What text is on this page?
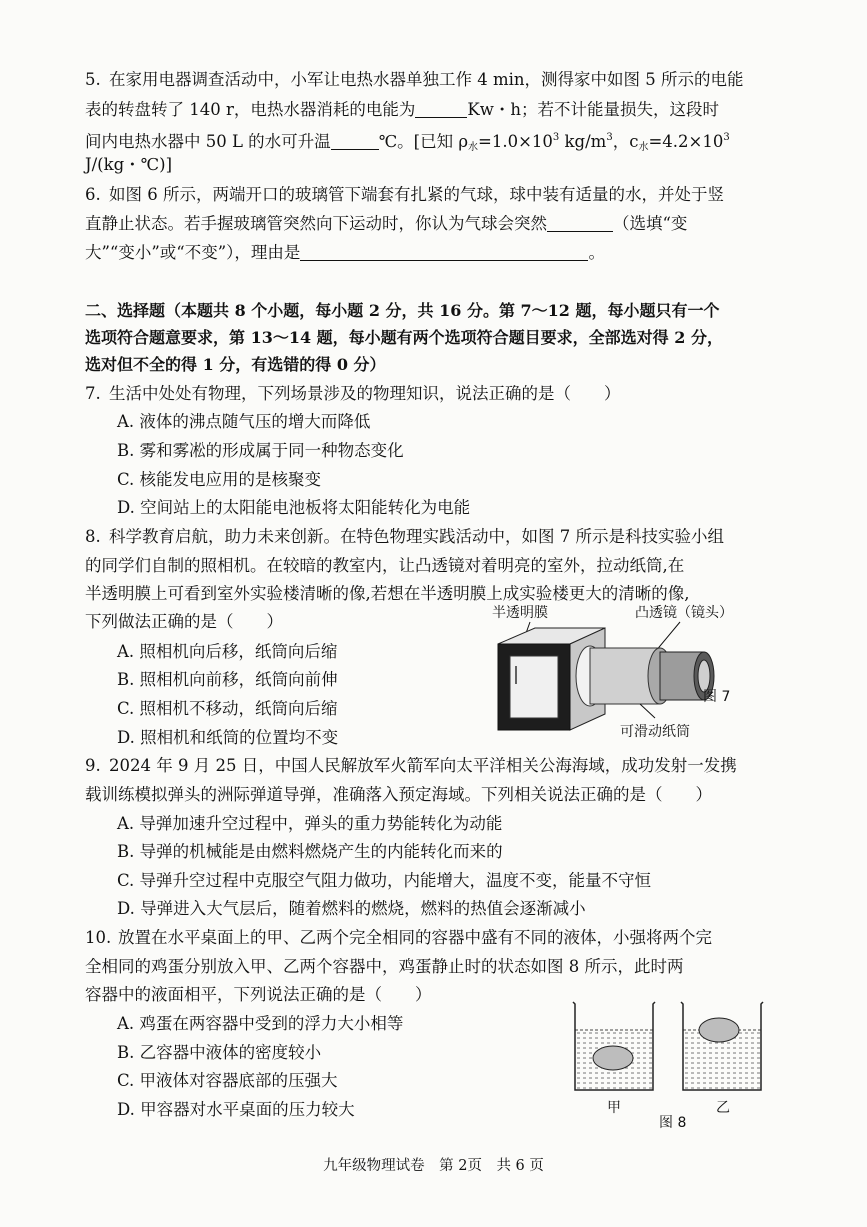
5. 在家用电器调查活动中，小军让电热水器单独工作 4 min，测得家中如图 5 所示的电能
表的转盘转了 140 r，电热水器消耗的电能为	Kw・h；若不计能量损失，这段时
间内电热水器中 50 L 的水可升温	℃。[已知 $\rho_水=1.0\times 10^3$ $kg/m^3$，$c_水=4.2\times 10^3$
J/(kg・℃)]
6. 如图 6 所示，两端开口的玻璃管下端套有扎紧的气球，球中装有适量的水，并处于竖
直静止状态。若手握玻璃管突然向下运动时，你认为气球会突然	（选填“变
大”“变小”或“不变”），理由是	。
二、选择题（本题共 8 个小题，每小题 2 分，共 16 分。第 7～12 题，每小题只有一个
选项符合题意要求，第 13～14 题，每小题有两个选项符合题目要求，全部选对得 2 分，
选对但不全的得 1 分，有选错的得 0 分）
7. 生活中处处有物理，下列场景涉及的物理知识，说法正确的是（　　）
A. 液体的沸点随气压的增大而降低
B. 雾和雾凇的形成属于同一种物态变化
C. 核能发电应用的是核聚变
D. 空间站上的太阳能电池板将太阳能转化为电能
8. 科学教育启航，助力未来创新。在特色物理实践活动中，如图 7 所示是科技实验小组
的同学们自制的照相机。在较暗的教室内，让凸透镜对着明亮的室外，拉动纸筒,在
半透明膜上可看到室外实验楼清晰的像,若想在半透明膜上成实验楼更大的清晰的像,
下列做法正确的是（　　）
A. 照相机向后移，纸筒向后缩
B. 照相机向前移，纸筒向前伸
C. 照相机不移动，纸筒向后缩
D. 照相机和纸筒的位置均不变
半透明膜	凸透镜（镜头）
图 7
可滑动纸筒
9. 2024 年 9 月 25 日，中国人民解放军火箭军向太平洋相关公海海域，成功发射一发携
载训练模拟弹头的洲际弹道导弹，准确落入预定海域。下列相关说法正确的是（　　）
A. 导弹加速升空过程中，弹头的重力势能转化为动能
B. 导弹的机械能是由燃料燃烧产生的内能转化而来的
C. 导弹升空过程中克服空气阻力做功，内能增大，温度不变，能量不守恒
D. 导弹进入大气层后，随着燃料的燃烧，燃料的热值会逐渐减小
10. 放置在水平桌面上的甲、乙两个完全相同的容器中盛有不同的液体，小强将两个完
全相同的鸡蛋分别放入甲、乙两个容器中，鸡蛋静止时的状态如图 8 所示，此时两
容器中的液面相平，下列说法正确的是（　　）
A. 鸡蛋在两容器中受到的浮力大小相等
B. 乙容器中液体的密度较小
C. 甲液体对容器底部的压强大
D. 甲容器对水平桌面的压力较大	甲	乙
图 8
九年级物理试卷　第 2页　共 6 页
